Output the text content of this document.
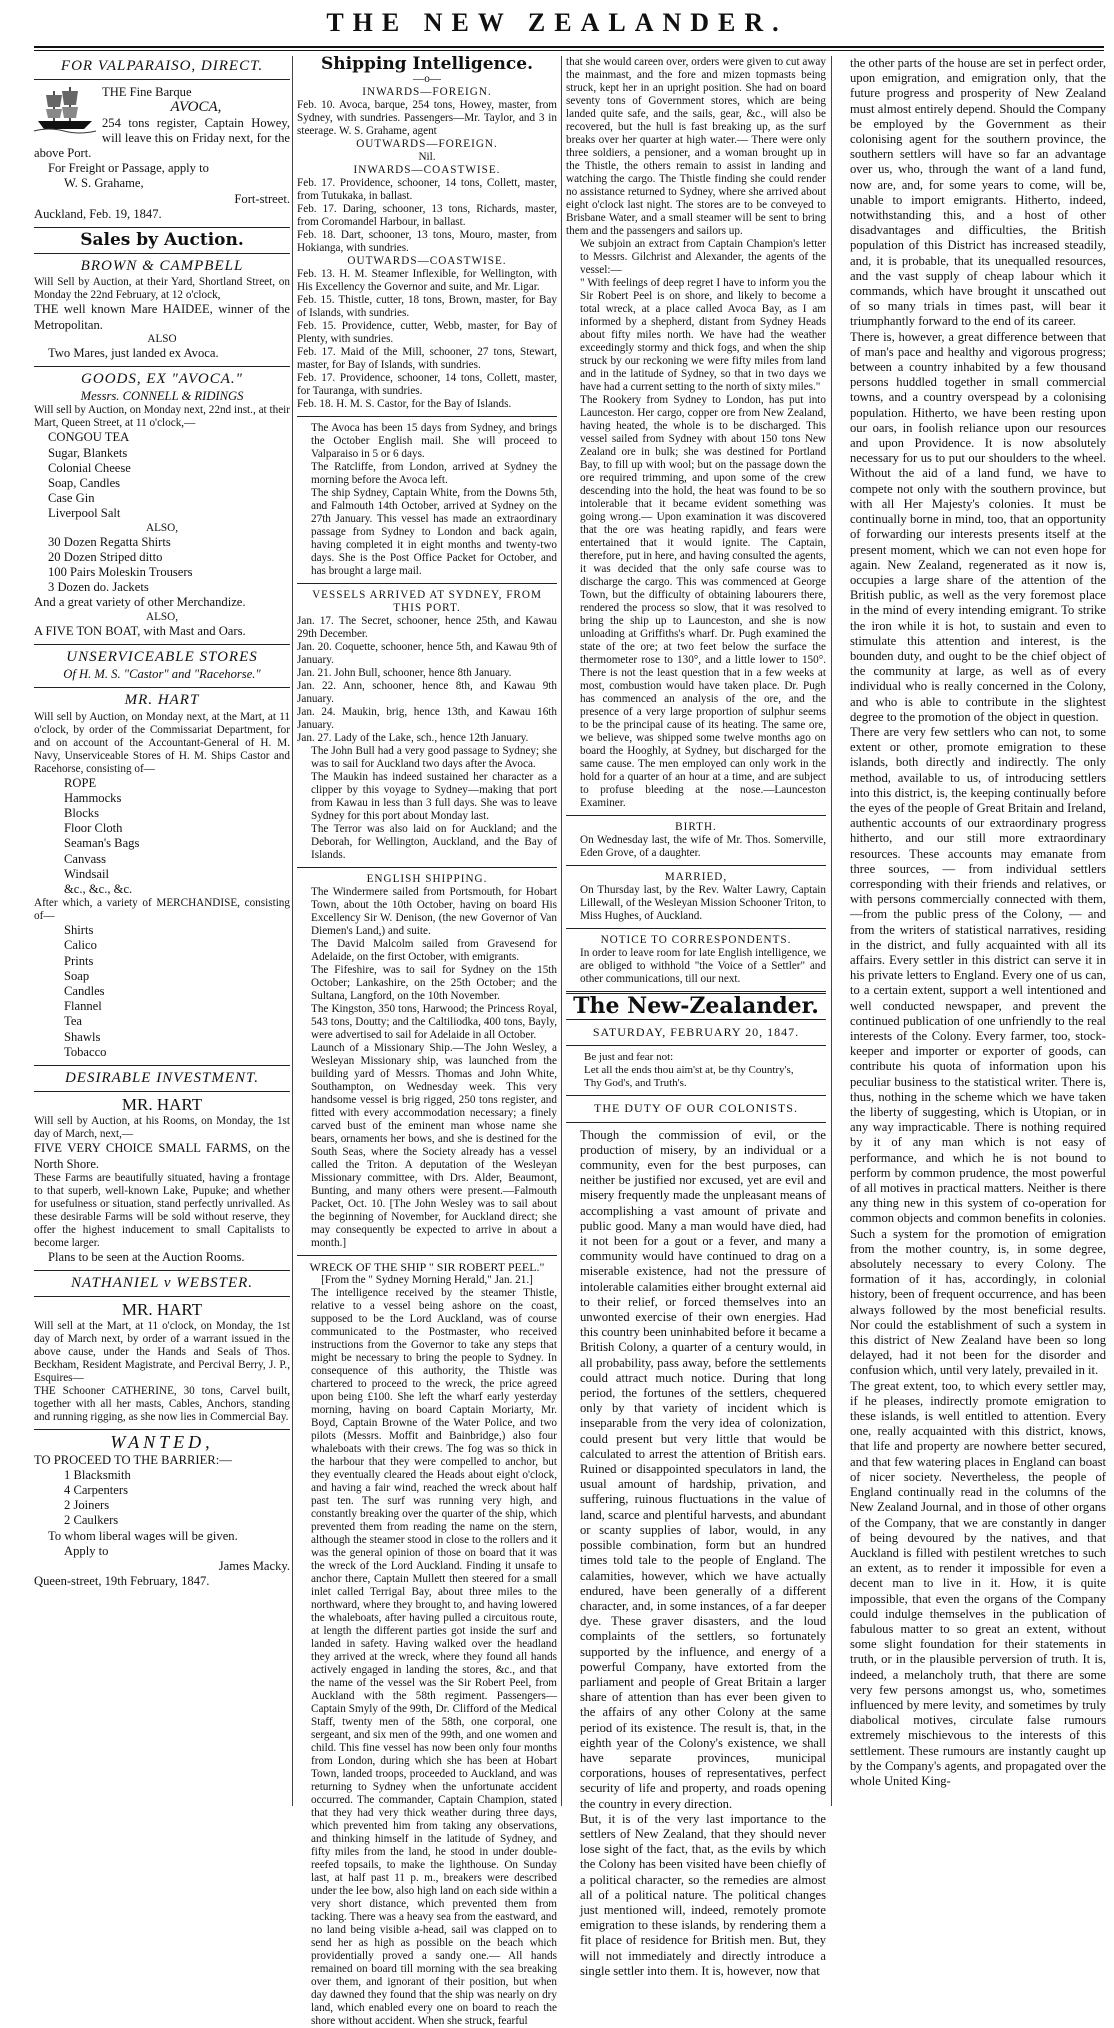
THE NEW ZEALANDER.
FOR VALPARAISO, DIRECT.

THE Fine Barque

AVOCA,

254 tons register, Captain Howey, will leave this on Friday next, for the above Port.

For Freight or Passage, apply to

W. S. Grahame,

Fort-street.

Auckland, Feb. 19, 1847.

Sales by Auction.
BROWN & CAMPBELL

Will Sell by Auction, at their Yard, Shortland Street, on Monday the 22nd February, at 12 o'clock,

THE well known Mare HAIDEE, winner of the Metropolitan.

ALSO

Two Mares, just landed ex Avoca.

GOODS, EX "AVOCA."

Messrs. CONNELL & RIDINGS

Will sell by Auction, on Monday next, 22nd inst., at their Mart, Queen Street, at 11 o'clock,—

CONGOU TEA

Sugar, Blankets

Colonial Cheese

Soap, Candles

Case Gin

Liverpool Salt

ALSO,

30 Dozen Regatta Shirts

20 Dozen Striped ditto

100 Pairs Moleskin Trousers

3 Dozen do. Jackets

And a great variety of other Merchandize.

ALSO,

A FIVE TON BOAT, with Mast and Oars.

UNSERVICEABLE STORES

Of H. M. S. "Castor" and "Racehorse."

MR. HART

Will sell by Auction, on Monday next, at the Mart, at 11 o'clock, by order of the Commissariat Department, for and on account of the Accountant-General of H. M. Navy, Unserviceable Stores of H. M. Ships Castor and Racehorse, consisting of—

ROPE

Hammocks

Blocks

Floor Cloth

Seaman's Bags

Canvass

Windsail

&c., &c., &c.

After which, a variety of MERCHANDISE, consisting of—

Shirts

Calico

Prints

Soap

Candles

Flannel

Tea

Shawls

Tobacco

DESIRABLE INVESTMENT.
MR. HART

Will sell by Auction, at his Rooms, on Monday, the 1st day of March, next,—

FIVE VERY CHOICE SMALL FARMS, on the North Shore.

These Farms are beautifully situated, having a frontage to that superb, well-known Lake, Pupuke; and whether for usefulness or situation, stand perfectly unrivalled. As these desirable Farms will be sold without reserve, they offer the highest inducement to small Capitalists to become larger.

Plans to be seen at the Auction Rooms.

NATHANIEL v WEBSTER.
MR. HART

Will sell at the Mart, at 11 o'clock, on Monday, the 1st day of March next, by order of a warrant issued in the above cause, under the Hands and Seals of Thos. Beckham, Resident Magistrate, and Percival Berry, J. P., Esquires—

THE Schooner CATHERINE, 30 tons, Carvel built, together with all her masts, Cables, Anchors, standing and running rigging, as she now lies in Commercial Bay.

WANTED,

TO PROCEED TO THE BARRIER:—

1 Blacksmith

4 Carpenters

2 Joiners

2 Caulkers

To whom liberal wages will be given.

Apply to

James Macky.

Queen-street, 19th February, 1847.

Shipping Intelligence.

—o—

INWARDS—FOREIGN.

Feb. 10. Avoca, barque, 254 tons, Howey, master, from Sydney, with sundries. Passengers—Mr. Taylor, and 3 in steerage. W. S. Grahame, agent

OUTWARDS—FOREIGN.

Nil.

INWARDS—COASTWISE.

Feb. 17. Providence, schooner, 14 tons, Collett, master, from Tutukaka, in ballast.

Feb. 17. Daring, schooner, 13 tons, Richards, master, from Coromandel Harbour, in ballast.

Feb. 18. Dart, schooner, 13 tons, Mouro, master, from Hokianga, with sundries.

OUTWARDS—COASTWISE.

Feb. 13. H. M. Steamer Inflexible, for Wellington, with His Excellency the Governor and suite, and Mr. Ligar.

Feb. 15. Thistle, cutter, 18 tons, Brown, master, for Bay of Islands, with sundries.

Feb. 15. Providence, cutter, Webb, master, for Bay of Plenty, with sundries.

Feb. 17. Maid of the Mill, schooner, 27 tons, Stewart, master, for Bay of Islands, with sundries.

Feb. 17. Providence, schooner, 14 tons, Collett, master, for Tauranga, with sundries.

Feb. 18. H. M. S. Castor, for the Bay of Islands.

The Avoca has been 15 days from Sydney, and brings the October English mail. She will proceed to Valparaiso in 5 or 6 days.

The Ratcliffe, from London, arrived at Sydney the morning before the Avoca left.

The ship Sydney, Captain White, from the Downs 5th, and Falmouth 14th October, arrived at Sydney on the 27th January. This vessel has made an extraordinary passage from Sydney to London and back again, having completed it in eight months and twenty-two days. She is the Post Office Packet for October, and has brought a large mail.

VESSELS ARRIVED AT SYDNEY, FROM THIS PORT.

Jan. 17. The Secret, schooner, hence 25th, and Kawau 29th December.

Jan. 20. Coquette, schooner, hence 5th, and Kawau 9th of January.

Jan. 21. John Bull, schooner, hence 8th January.

Jan. 22. Ann, schooner, hence 8th, and Kawau 9th January.

Jan. 24. Maukin, brig, hence 13th, and Kawau 16th January.

Jan. 27. Lady of the Lake, sch., hence 12th January.

The John Bull had a very good passage to Sydney; she was to sail for Auckland two days after the Avoca.

The Maukin has indeed sustained her character as a clipper by this voyage to Sydney—making that port from Kawau in less than 3 full days. She was to leave Sydney for this port about Monday last.

The Terror was also laid on for Auckland; and the Deborah, for Wellington, Auckland, and the Bay of Islands.

ENGLISH SHIPPING.

The Windermere sailed from Portsmouth, for Hobart Town, about the 10th October, having on board His Excellency Sir W. Denison, (the new Governor of Van Diemen's Land,) and suite.

The David Malcolm sailed from Gravesend for Adelaide, on the first October, with emigrants.

The Fifeshire, was to sail for Sydney on the 15th October; Lankashire, on the 25th October; and the Sultana, Langford, on the 10th November.

The Kingston, 350 tons, Harwood; the Princess Royal, 543 tons, Doutty; and the Caltiliodka, 400 tons, Bayly, were advertised to sail for Adelaide in all October.

Launch of a Missionary Ship.—The John Wesley, a Wesleyan Missionary ship, was launched from the building yard of Messrs. Thomas and John White, Southampton, on Wednesday week. This very handsome vessel is brig rigged, 250 tons register, and fitted with every accommodation necessary; a finely carved bust of the eminent man whose name she bears, ornaments her bows, and she is destined for the South Seas, where the Society already has a vessel called the Triton. A deputation of the Wesleyan Missionary committee, with Drs. Alder, Beaumont, Bunting, and many others were present.—Falmouth Packet, Oct. 10. [The John Wesley was to sail about the beginning of November, for Auckland direct; she may consequently be expected to arrive in about a month.]

WRECK OF THE SHIP " SIR ROBERT PEEL."

[From the " Sydney Morning Herald," Jan. 21.]

The intelligence received by the steamer Thistle, relative to a vessel being ashore on the coast, supposed to be the Lord Auckland, was of course communicated to the Postmaster, who received instructions from the Governor to take any steps that might be necessary to bring the people to Sydney. In consequence of this authority, the Thistle was chartered to proceed to the wreck, the price agreed upon being £100. She left the wharf early yesterday morning, having on board Captain Moriarty, Mr. Boyd, Captain Browne of the Water Police, and two pilots (Messrs. Moffit and Bainbridge,) also four whaleboats with their crews. The fog was so thick in the harbour that they were compelled to anchor, but they eventually cleared the Heads about eight o'clock, and having a fair wind, reached the wreck about half past ten. The surf was running very high, and constantly breaking over the quarter of the ship, which prevented them from reading the name on the stern, although the steamer stood in close to the rollers and it was the general opinion of those on board that it was the wreck of the Lord Auckland. Finding it unsafe to anchor there, Captain Mullett then steered for a small inlet called Terrigal Bay, about three miles to the northward, where they brought to, and having lowered the whaleboats, after having pulled a circuitous route, at length the different parties got inside the surf and landed in safety. Having walked over the headland they arrived at the wreck, where they found all hands actively engaged in landing the stores, &c., and that the name of the vessel was the Sir Robert Peel, from Auckland with the 58th regiment. Passengers—Captain Smyly of the 99th, Dr. Clifford of the Medical Staff, twenty men of the 58th, one corporal, one sergeant, and six men of the 99th, and one women and child. This fine vessel has now been only four months from London, during which she has been at Hobart Town, landed troops, proceeded to Auckland, and was returning to Sydney when the unfortunate accident occurred. The commander, Captain Champion, stated that they had very thick weather during three days, which prevented him from taking any observations, and thinking himself in the latitude of Sydney, and fifty miles from the land, he stood in under double-reefed topsails, to make the lighthouse. On Sunday last, at half past 11 p. m., breakers were described under the lee bow, also high land on each side within a very short distance, which prevented them from tacking. There was a heavy sea from the eastward, and no land being visible a-head, sail was clapped on to send her as high as possible on the beach which providentially proved a sandy one.— All hands remained on board till morning with the sea breaking over them, and ignorant of their position, but when day dawned they found that the ship was nearly on dry land, which enabled every one on board to reach the shore without accident. When she struck, fearful

that she would careen over, orders were given to cut away the mainmast, and the fore and mizen topmasts being struck, kept her in an upright position. She had on board seventy tons of Government stores, which are being landed quite safe, and the sails, gear, &c., will also be recovered, but the hull is fast breaking up, as the surf breaks over her quarter at high water.— There were only three soldiers, a pensioner, and a woman brought up in the Thistle, the others remain to assist in landing and watching the cargo. The Thistle finding she could render no assistance returned to Sydney, where she arrived about eight o'clock last night. The stores are to be conveyed to Brisbane Water, and a small steamer will be sent to bring them and the passengers and sailors up.

We subjoin an extract from Captain Champion's letter to Messrs. Gilchrist and Alexander, the agents of the vessel:—

" With feelings of deep regret I have to inform you the Sir Robert Peel is on shore, and likely to become a total wreck, at a place called Avoca Bay, as I am informed by a shepherd, distant from Sydney Heads about fifty miles north. We have had the weather exceedingly stormy and thick fogs, and when the ship struck by our reckoning we were fifty miles from land and in the latitude of Sydney, so that in two days we have had a current setting to the north of sixty miles."

The Rookery from Sydney to London, has put into Launceston. Her cargo, copper ore from New Zealand, having heated, the whole is to be discharged. This vessel sailed from Sydney with about 150 tons New Zealand ore in bulk; she was destined for Portland Bay, to fill up with wool; but on the passage down the ore required trimming, and upon some of the crew descending into the hold, the heat was found to be so intolerable that it became evident something was going wrong.— Upon examination it was discovered that the ore was heating rapidly, and fears were entertained that it would ignite. The Captain, therefore, put in here, and having consulted the agents, it was decided that the only safe course was to discharge the cargo. This was commenced at George Town, but the difficulty of obtaining labourers there, rendered the process so slow, that it was resolved to bring the ship up to Launceston, and she is now unloading at Griffiths's wharf. Dr. Pugh examined the state of the ore; at two feet below the surface the thermometer rose to 130°, and a little lower to 150°. There is not the least question that in a few weeks at most, combustion would have taken place. Dr. Pugh has commenced an analysis of the ore, and the presence of a very large proportion of sulphur seems to be the principal cause of its heating. The same ore, we believe, was shipped some twelve months ago on board the Hooghly, at Sydney, but discharged for the same cause. The men employed can only work in the hold for a quarter of an hour at a time, and are subject to profuse bleeding at the nose.—Launceston Examiner.

BIRTH.

On Wednesday last, the wife of Mr. Thos. Somerville, Eden Grove, of a daughter.

MARRIED,

On Thursday last, by the Rev. Walter Lawry, Captain Lillewall, of the Wesleyan Mission Schooner Triton, to Miss Hughes, of Auckland.

NOTICE TO CORRESPONDENTS.

In order to leave room for late English intelligence, we are obliged to withhold "the Voice of a Settler" and other communications, till our next.

The New-Zealander.
SATURDAY, FEBRUARY 20, 1847.

Be just and fear not:

Let all the ends thou aim'st at, be thy Country's,

Thy God's, and Truth's.

THE DUTY OF OUR COLONISTS.

Though the commission of evil, or the production of misery, by an individual or a community, even for the best purposes, can neither be justified nor excused, yet are evil and misery frequently made the unpleasant means of accomplishing a vast amount of private and public good. Many a man would have died, had it not been for a gout or a fever, and many a community would have continued to drag on a miserable existence, had not the pressure of intolerable calamities either brought external aid to their relief, or forced themselves into an unwonted exercise of their own energies. Had this country been uninhabited before it became a British Colony, a quarter of a century would, in all probability, pass away, before the settlements could attract much notice. During that long period, the fortunes of the settlers, chequered only by that variety of incident which is inseparable from the very idea of colonization, could present but very little that would be calculated to arrest the attention of British ears. Ruined or disappointed speculators in land, the usual amount of hardship, privation, and suffering, ruinous fluctuations in the value of land, scarce and plentiful harvests, and abundant or scanty supplies of labor, would, in any possible combination, form but an hundred times told tale to the people of England. The calamities, however, which we have actually endured, have been generally of a different character, and, in some instances, of a far deeper dye. These graver disasters, and the loud complaints of the settlers, so fortunately supported by the influence, and energy of a powerful Company, have extorted from the parliament and people of Great Britain a larger share of attention than has ever been given to the affairs of any other Colony at the same period of its existence. The result is, that, in the eighth year of the Colony's existence, we shall have separate provinces, municipal corporations, houses of representatives, perfect security of life and property, and roads opening the country in every direction.

But, it is of the very last importance to the settlers of New Zealand, that they should never lose sight of the fact, that, as the evils by which the Colony has been visited have been chiefly of a political character, so the remedies are almost all of a political nature. The political changes just mentioned will, indeed, remotely promote emigration to these islands, by rendering them a fit place of residence for British men. But, they will not immediately and directly introduce a single settler into them. It is, however, now that

the other parts of the house are set in perfect order, upon emigration, and emigration only, that the future progress and prosperity of New Zealand must almost entirely depend. Should the Company be employed by the Government as their colonising agent for the southern province, the southern settlers will have so far an advantage over us, who, through the want of a land fund, now are, and, for some years to come, will be, unable to import emigrants. Hitherto, indeed, notwithstanding this, and a host of other disadvantages and difficulties, the British population of this District has increased steadily, and, it is probable, that its unequalled resources, and the vast supply of cheap labour which it commands, which have brought it unscathed out of so many trials in times past, will bear it triumphantly forward to the end of its career.

There is, however, a great difference between that of man's pace and healthy and vigorous progress; between a country inhabited by a few thousand persons huddled together in small commercial towns, and a country overspead by a colonising population. Hitherto, we have been resting upon our oars, in foolish reliance upon our resources and upon Providence. It is now absolutely necessary for us to put our shoulders to the wheel. Without the aid of a land fund, we have to compete not only with the southern province, but with all Her Majesty's colonies. It must be continually borne in mind, too, that an opportunity of forwarding our interests presents itself at the present moment, which we can not even hope for again. New Zealand, regenerated as it now is, occupies a large share of the attention of the British public, as well as the very foremost place in the mind of every intending emigrant. To strike the iron while it is hot, to sustain and even to stimulate this attention and interest, is the bounden duty, and ought to be the chief object of the community at large, as well as of every individual who is really concerned in the Colony, and who is able to contribute in the slightest degree to the promotion of the object in question.

There are very few settlers who can not, to some extent or other, promote emigration to these islands, both directly and indirectly. The only method, available to us, of introducing settlers into this district, is, the keeping continually before the eyes of the people of Great Britain and Ireland, authentic accounts of our extraordinary progress hitherto, and our still more extraordinary resources. These accounts may emanate from three sources, — from individual settlers corresponding with their friends and relatives, or with persons commercially connected with them,—from the public press of the Colony, — and from the writers of statistical narratives, residing in the district, and fully acquainted with all its affairs. Every settler in this district can serve it in his private letters to England. Every one of us can, to a certain extent, support a well intentioned and well conducted newspaper, and prevent the continued publication of one unfriendly to the real interests of the Colony. Every farmer, too, stock-keeper and importer or exporter of goods, can contribute his quota of information upon his peculiar business to the statistical writer. There is, thus, nothing in the scheme which we have taken the liberty of suggesting, which is Utopian, or in any way impracticable. There is nothing required by it of any man which is not easy of performance, and which he is not bound to perform by common prudence, the most powerful of all motives in practical matters. Neither is there any thing new in this system of co-operation for common objects and common benefits in colonies. Such a system for the promotion of emigration from the mother country, is, in some degree, absolutely necessary to every Colony. The formation of it has, accordingly, in colonial history, been of frequent occurrence, and has been always followed by the most beneficial results. Nor could the establishment of such a system in this district of New Zealand have been so long delayed, had it not been for the disorder and confusion which, until very lately, prevailed in it.

The great extent, too, to which every settler may, if he pleases, indirectly promote emigration to these islands, is well entitled to attention. Every one, really acquainted with this district, knows, that life and property are nowhere better secured, and that few watering places in England can boast of nicer society. Nevertheless, the people of England continually read in the columns of the New Zealand Journal, and in those of other organs of the Company, that we are constantly in danger of being devoured by the natives, and that Auckland is filled with pestilent wretches to such an extent, as to render it impossible for even a decent man to live in it. How, it is quite impossible, that even the organs of the Company could indulge themselves in the publication of fabulous matter to so great an extent, without some slight foundation for their statements in truth, or in the plausible perversion of truth. It is, indeed, a melancholy truth, that there are some very few persons amongst us, who, sometimes influenced by mere levity, and sometimes by truly diabolical motives, circulate false rumours extremely mischievous to the interests of this settlement. These rumours are instantly caught up by the Company's agents, and propagated over the whole United King-
